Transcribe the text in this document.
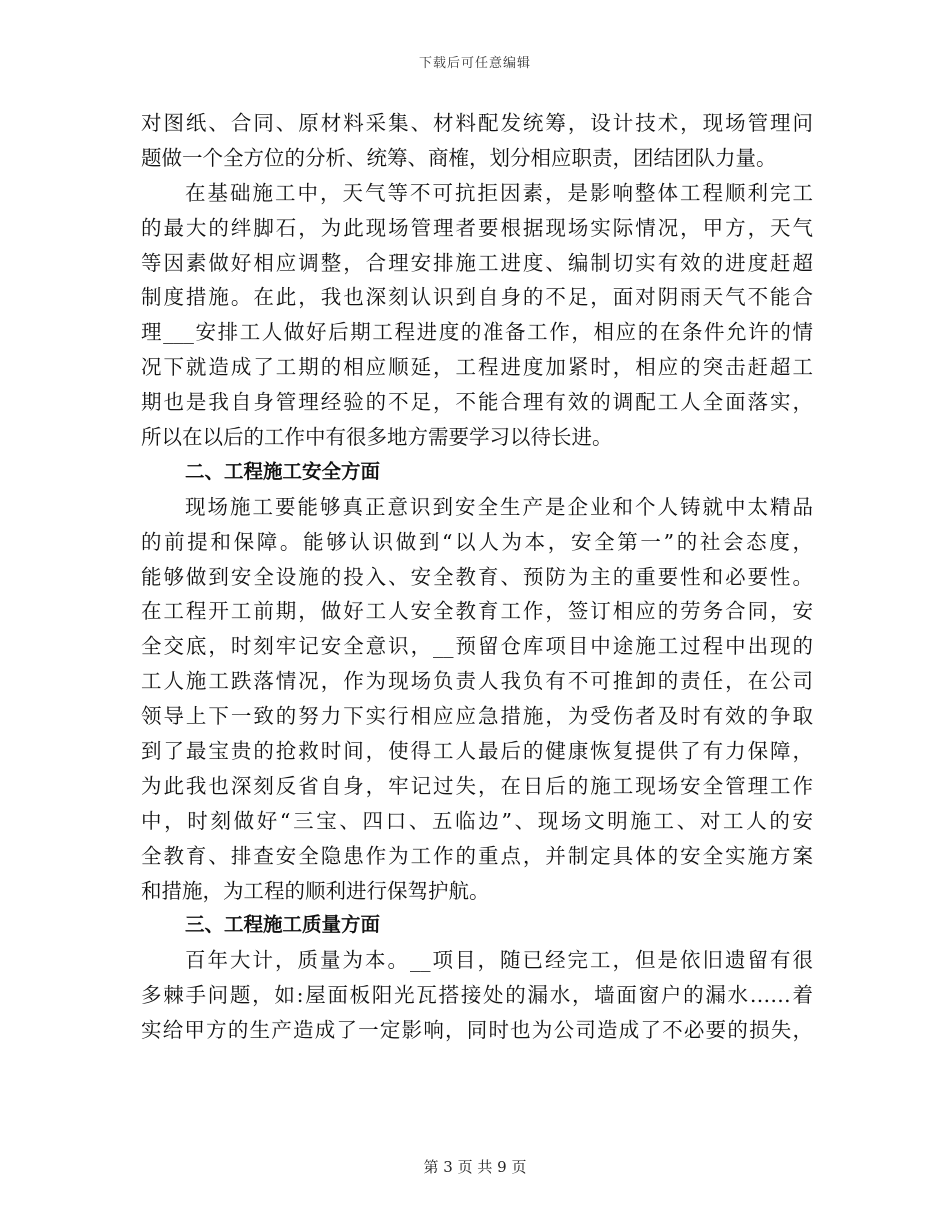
下载后可任意编辑
对图纸、合同、原材料采集、材料配发统筹，设计技术，现场管理问
题做一个全方位的分析、统筹、商榷，划分相应职责，团结团队力量。
在基础施工中，天气等不可抗拒因素，是影响整体工程顺利完工
的最大的绊脚石，为此现场管理者要根据现场实际情况，甲方，天气
等因素做好相应调整，合理安排施工进度、编制切实有效的进度赶超
制度措施。在此，我也深刻认识到自身的不足，面对阴雨天气不能合
理___安排工人做好后期工程进度的准备工作，相应的在条件允许的情
况下就造成了工期的相应顺延，工程进度加紧时，相应的突击赶超工
期也是我自身管理经验的不足，不能合理有效的调配工人全面落实，
所以在以后的工作中有很多地方需要学习以待长进。
二、工程施工安全方面
现场施工要能够真正意识到安全生产是企业和个人铸就中太精品
的前提和保障。能够认识做到“以人为本，安全第一”的社会态度，
能够做到安全设施的投入、安全教育、预防为主的重要性和必要性。
在工程开工前期，做好工人安全教育工作，签订相应的劳务合同，安
全交底，时刻牢记安全意识，__预留仓库项目中途施工过程中出现的
工人施工跌落情况，作为现场负责人我负有不可推卸的责任，在公司
领导上下一致的努力下实行相应应急措施，为受伤者及时有效的争取
到了最宝贵的抢救时间，使得工人最后的健康恢复提供了有力保障，
为此我也深刻反省自身，牢记过失，在日后的施工现场安全管理工作
中，时刻做好“三宝、四口、五临边”、现场文明施工、对工人的安
全教育、排查安全隐患作为工作的重点，并制定具体的安全实施方案
和措施，为工程的顺利进行保驾护航。
三、工程施工质量方面
百年大计，质量为本。__项目，随已经完工，但是依旧遗留有很
多棘手问题，如:屋面板阳光瓦搭接处的漏水，墙面窗户的漏水……着
实给甲方的生产造成了一定影响，同时也为公司造成了不必要的损失，
第 3 页 共 9 页
